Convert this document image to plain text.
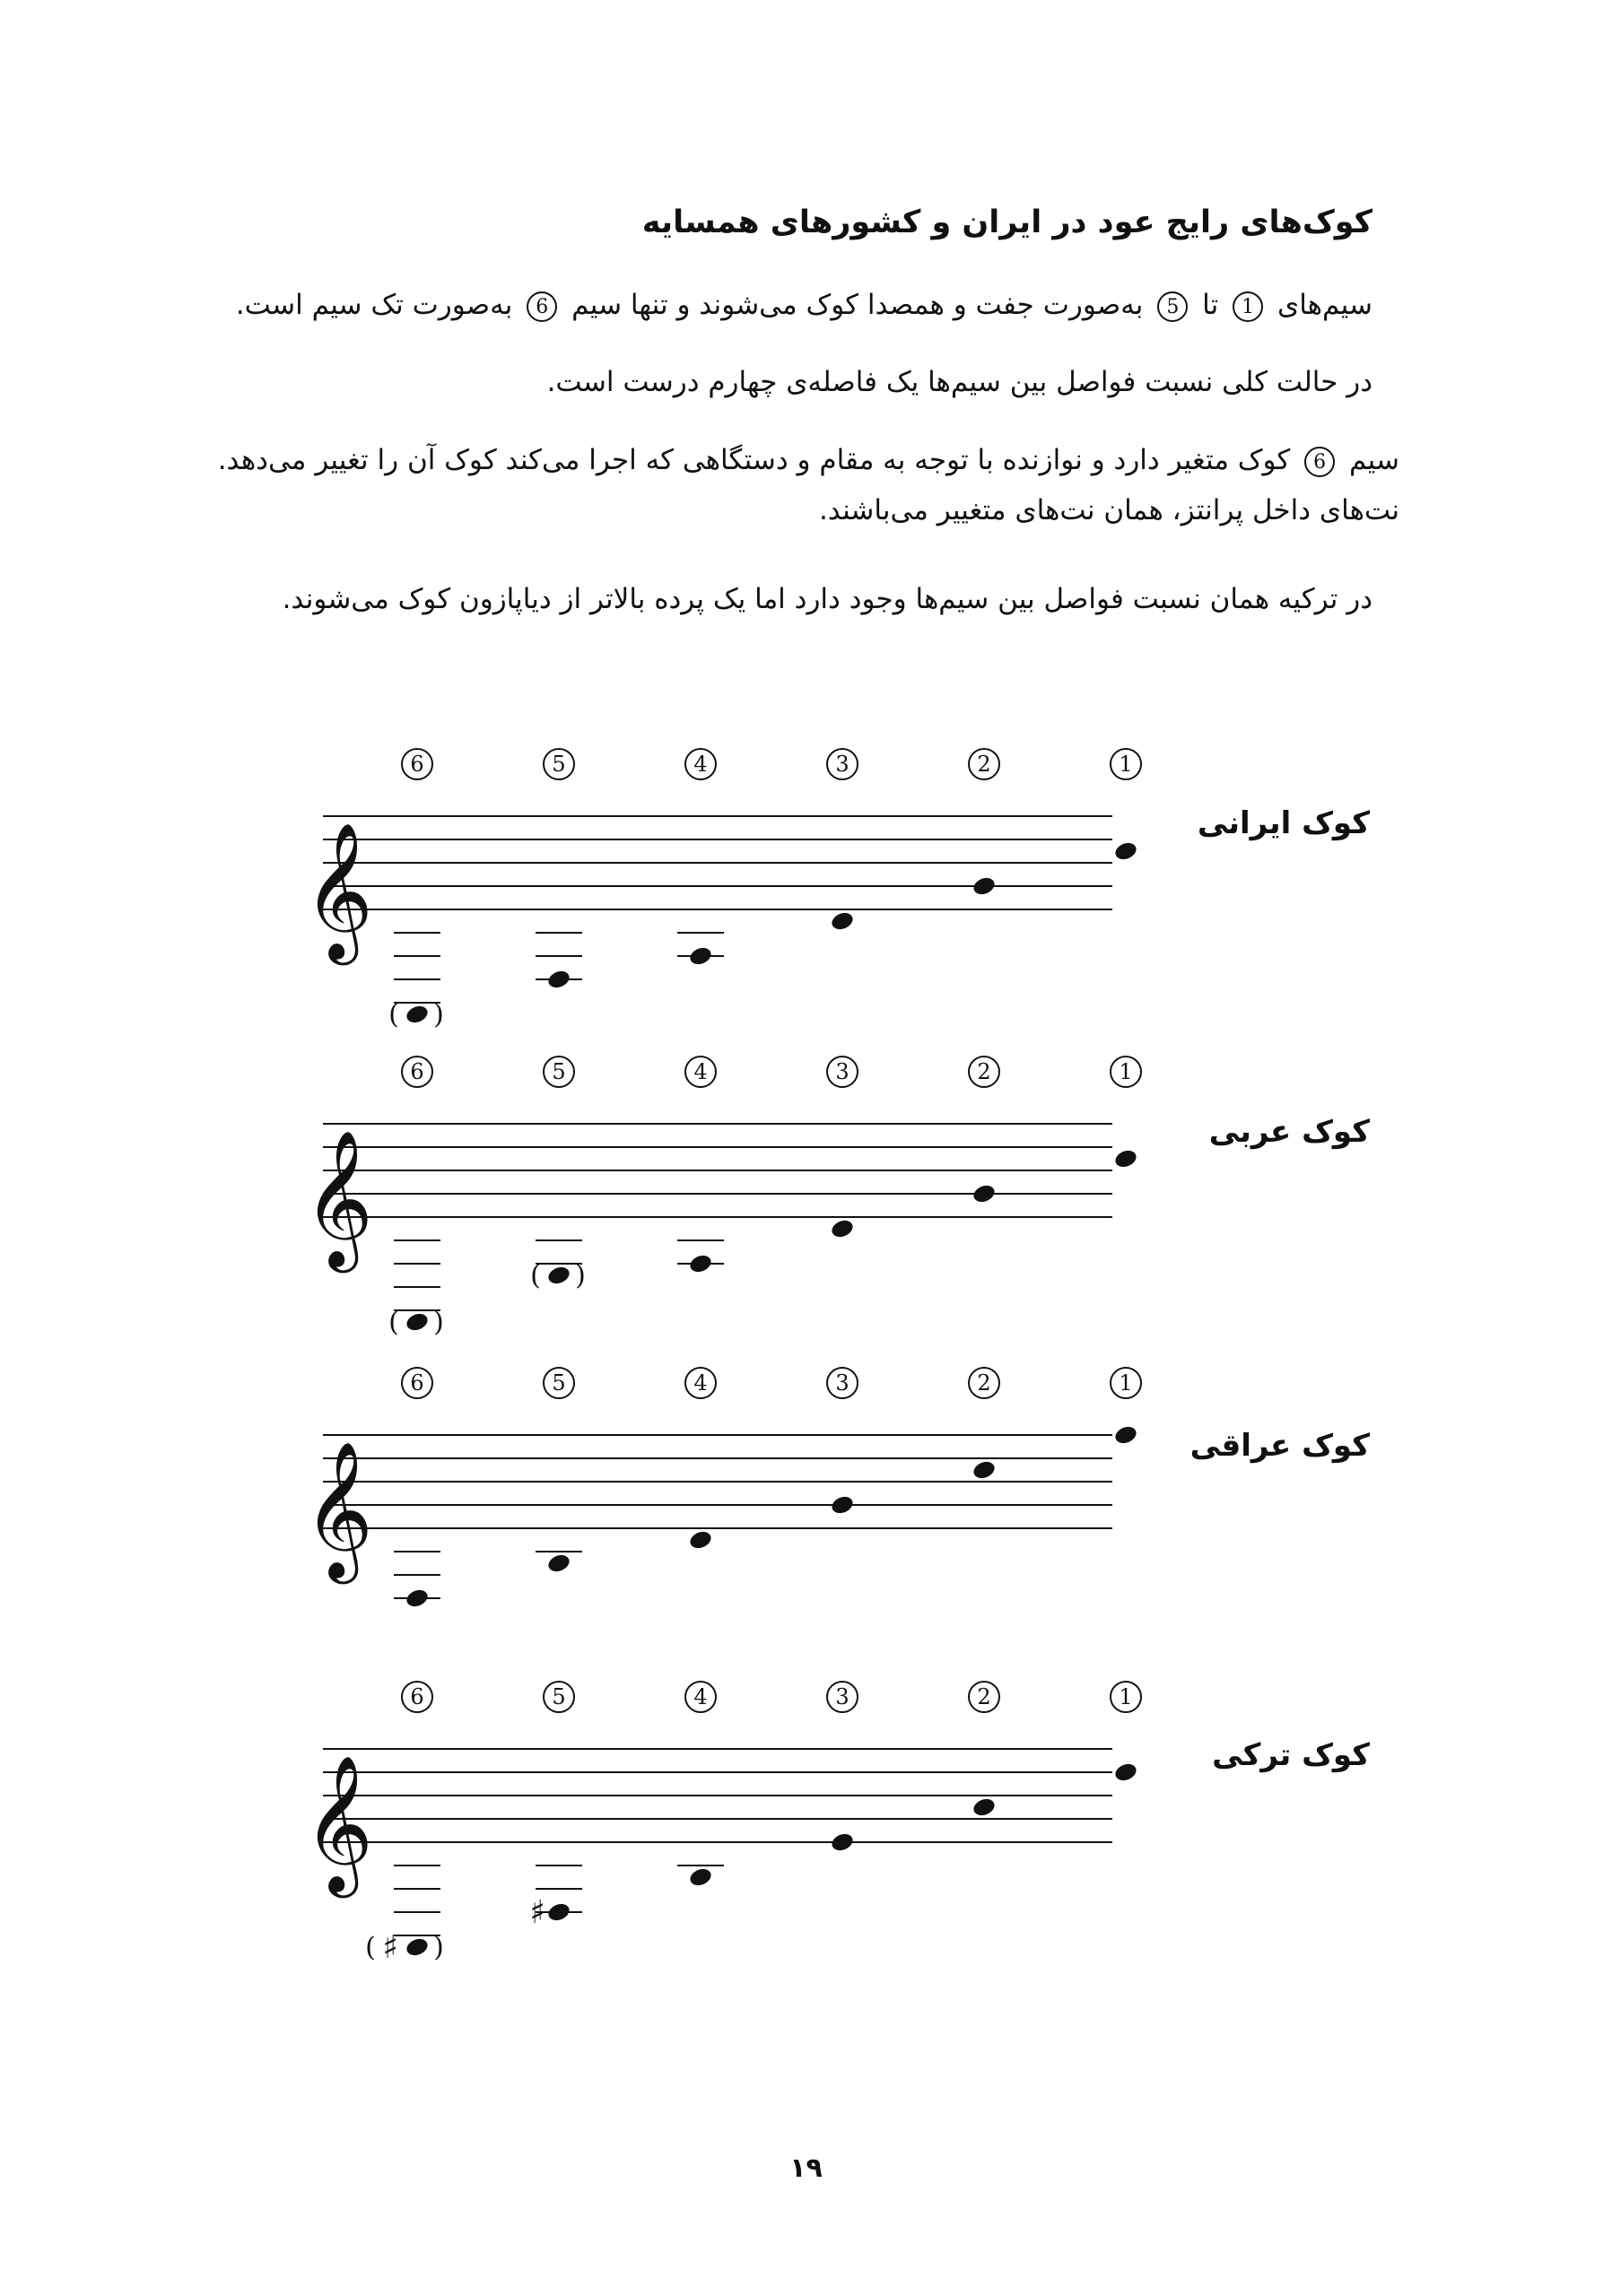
کوک‌های رایج عود در ایران و کشورهای همسایه
سیم‌های 1 تا 5 به‌صورت جفت و همصدا کوک می‌شوند و تنها سیم 6 به‌صورت تک سیم است.
در حالت کلی نسبت فواصل بین سیم‌ها یک فاصله‌ی چهارم درست است.
سیم 6 کوک متغیر دارد و نوازنده با توجه به مقام و دستگاهی که اجرا می‌کند کوک آن را تغییر می‌دهد.
نت‌های داخل پرانتز، همان نت‌های متغییر می‌باشند.
در ترکیه همان نسبت فواصل بین سیم‌ها وجود دارد اما یک پرده بالاتر از دیاپازون کوک می‌شوند.
کوک ایرانی
𝄞
6
( )
5	4	3	2	1
کوک عربی
𝄞
6
( )
5
( )
4	3	2	1
کوک عراقی
𝄞
6	5	4	3	2	1
کوک ترکی
𝄞
6
♯
( )
5
♯
4	3	2	1
۱۹
